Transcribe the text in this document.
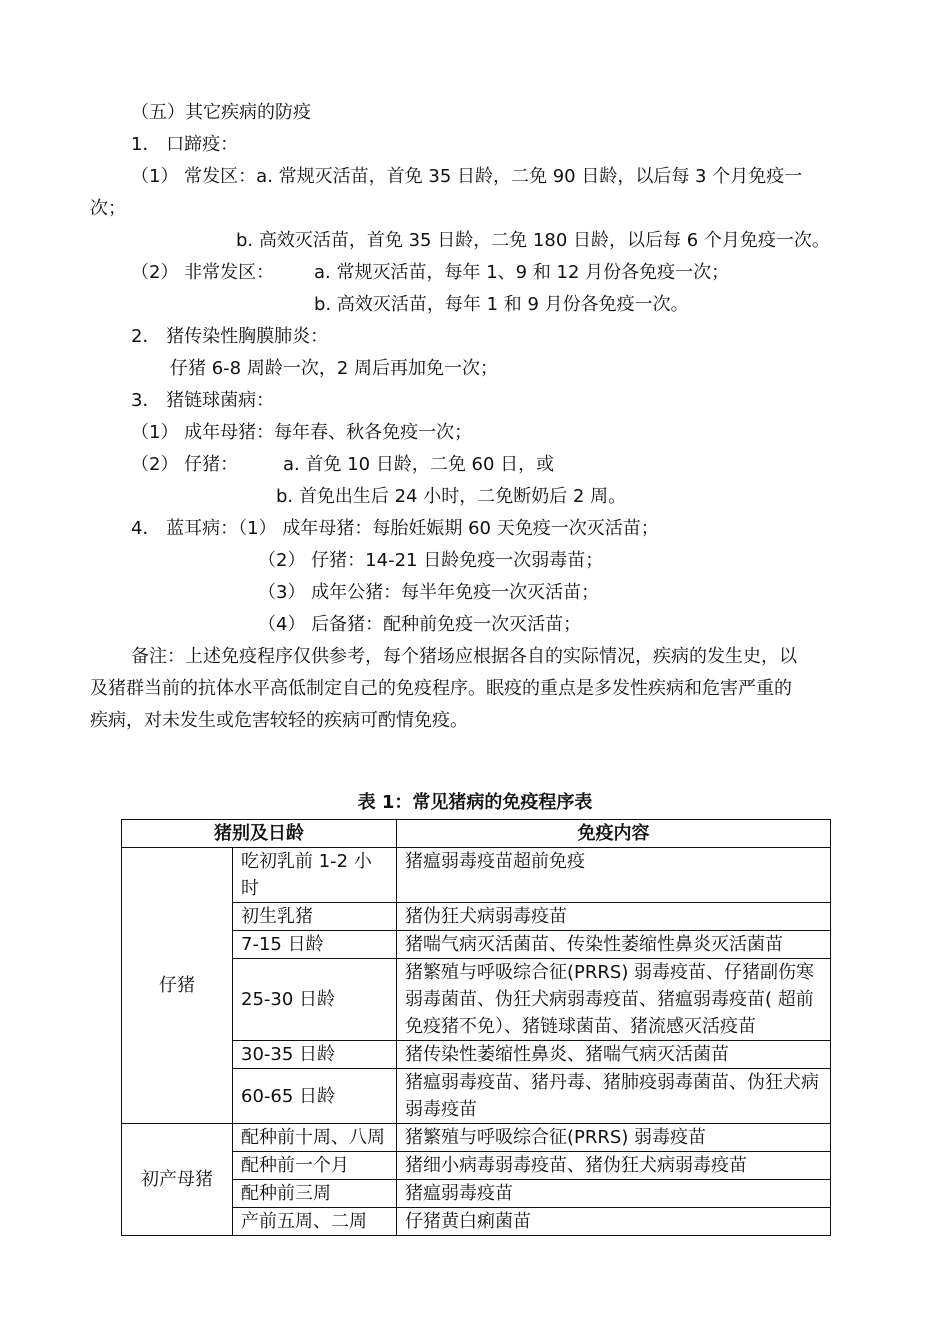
（五）其它疾病的防疫
1． 口蹄疫：
（1） 常发区：a. 常规灭活苗，首免 35 日龄，二免 90 日龄，以后每 3 个月免疫一
次；
b. 高效灭活苗，首免 35 日龄，二免 180 日龄，以后每 6 个月免疫一次。
（2） 非常发区： a. 常规灭活苗，每年 1、9 和 12 月份各免疫一次；
b. 高效灭活苗，每年 1 和 9 月份各免疫一次。
2． 猪传染性胸膜肺炎：
仔猪 6-8 周龄一次，2 周后再加免一次；
3． 猪链球菌病：
（1） 成年母猪：每年春、秋各免疫一次；
（2） 仔猪： a. 首免 10 日龄，二免 60 日，或
b. 首免出生后 24 小时，二免断奶后 2 周。
4． 蓝耳病：（1） 成年母猪：每胎妊娠期 60 天免疫一次灭活苗；
（2） 仔猪：14-21 日龄免疫一次弱毒苗；
（3） 成年公猪：每半年免疫一次灭活苗；
（4） 后备猪：配种前免疫一次灭活苗；
备注：上述免疫程序仅供参考，每个猪场应根据各自的实际情况，疾病的发生史，以
及猪群当前的抗体水平高低制定自己的免疫程序。眠疫的重点是多发性疾病和危害严重的
疾病，对未发生或危害较轻的疾病可酌情免疫。
表 1：常见猪病的免疫程序表
猪别及日龄		免疫内容
仔猪	吃初乳前 1-2 小时	猪瘟弱毒疫苗超前免疫
	初生乳猪	猪伪狂犬病弱毒疫苗
	7-15 日龄	猪喘气病灭活菌苗、传染性萎缩性鼻炎灭活菌苗
	25-30 日龄	猪繁殖与呼吸综合征(PRRS) 弱毒疫苗、仔猪副伤寒弱毒菌苗、伪狂犬病弱毒疫苗、猪瘟弱毒疫苗( 超前免疫猪不免）、猪链球菌苗、猪流感灭活疫苗
	30-35 日龄	猪传染性萎缩性鼻炎、猪喘气病灭活菌苗
	60-65 日龄	猪瘟弱毒疫苗、猪丹毒、猪肺疫弱毒菌苗、伪狂犬病弱毒疫苗
初产母猪	配种前十周、八周	猪繁殖与呼吸综合征(PRRS) 弱毒疫苗
	配种前一个月	猪细小病毒弱毒疫苗、猪伪狂犬病弱毒疫苗
	配种前三周	猪瘟弱毒疫苗
	产前五周、二周	仔猪黄白痢菌苗
